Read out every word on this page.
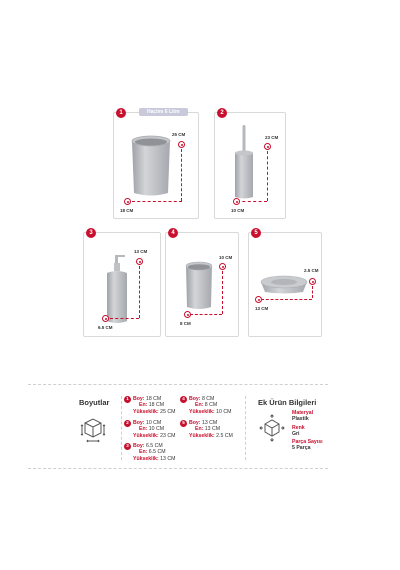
1	Hacimı 6 Litre
25 CM
18 CM
2
23 CM
10 CM
3
13 CM
6.5 CM
4
10 CM
8 CM
5
2.5 CM
13 CM
Boyutlar	1 Boy: 18 CM
En: 18 CM
Yükseklik: 25 CM
2 Boy: 10 CM
En: 10 CM
Yükseklik: 23 CM
3 Boy: 6.5 CM
En: 6.5 CM
Yükseklik: 13 CM
4 Boy: 8 CM
En: 8 CM
Yükseklik: 10 CM
5 Boy: 13 CM
En: 13 CM
Yükseklik: 2.5 CM
Ek Ürün Bilgileri
Materyal
Plastik
Renk
Gri
Parça Sayısı
5 Parça
